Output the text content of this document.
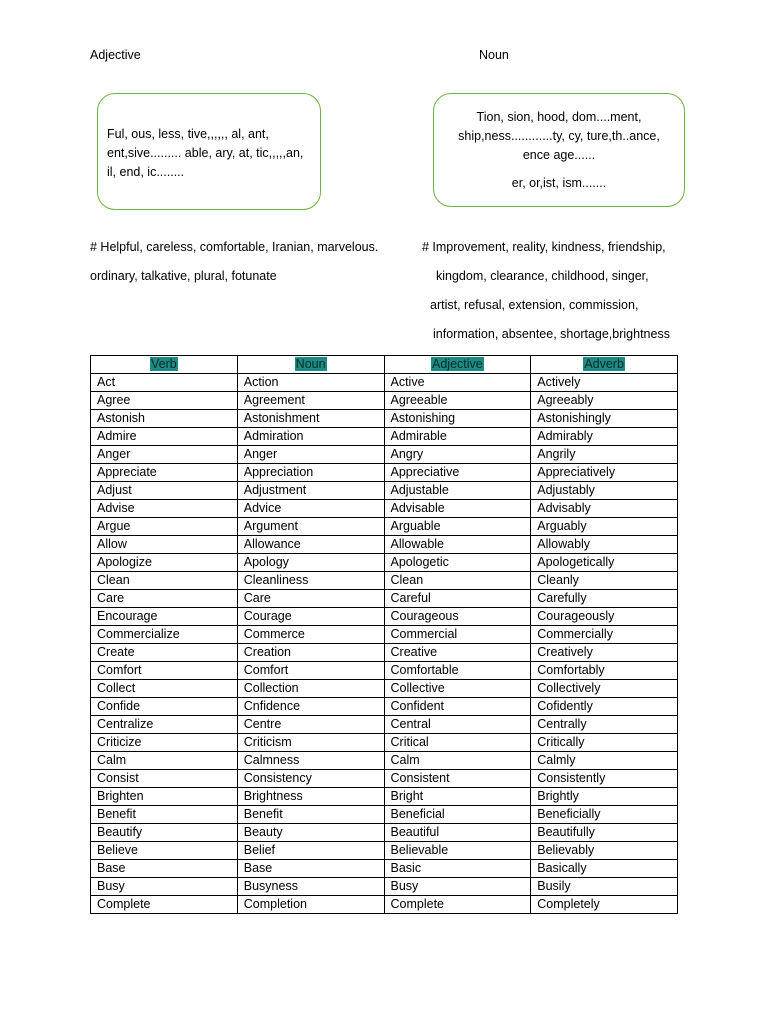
Adjective	Noun
Ful, ous, less, tive,,,,,, al, ant,
ent,sive......... able, ary, at, tic,,,,,an,
il, end, ic........
Tion, sion, hood, dom....ment,
ship,ness............ty, cy, ture,th..ance,
ence age......
er, or,ist, ism.......
# Helpful, careless, comfortable, Iranian, marvelous.
ordinary, talkative, plural, fotunate
# Improvement, reality, kindness, friendship,
kingdom, clearance, childhood, singer,
artist, refusal, extension, commission,
information, absentee, shortage,brightness
Verb	Noun	Adjective	Adverb
Act	Action	Active	Actively
Agree	Agreement	Agreeable	Agreeably
Astonish	Astonishment	Astonishing	Astonishingly
Admire	Admiration	Admirable	Admirably
Anger	Anger	Angry	Angrily
Appreciate	Appreciation	Appreciative	Appreciatively
Adjust	Adjustment	Adjustable	Adjustably
Advise	Advice	Advisable	Advisably
Argue	Argument	Arguable	Arguably
Allow	Allowance	Allowable	Allowably
Apologize	Apology	Apologetic	Apologetically
Clean	Cleanliness	Clean	Cleanly
Care	Care	Careful	Carefully
Encourage	Courage	Courageous	Courageously
Commercialize	Commerce	Commercial	Commercially
Create	Creation	Creative	Creatively
Comfort	Comfort	Comfortable	Comfortably
Collect	Collection	Collective	Collectively
Confide	Cnfidence	Confident	Cofidently
Centralize	Centre	Central	Centrally
Criticize	Criticism	Critical	Critically
Calm	Calmness	Calm	Calmly
Consist	Consistency	Consistent	Consistently
Brighten	Brightness	Bright	Brightly
Benefit	Benefit	Beneficial	Beneficially
Beautify	Beauty	Beautiful	Beautifully
Believe	Belief	Believable	Believably
Base	Base	Basic	Basically
Busy	Busyness	Busy	Busily
Complete	Completion	Complete	Completely
